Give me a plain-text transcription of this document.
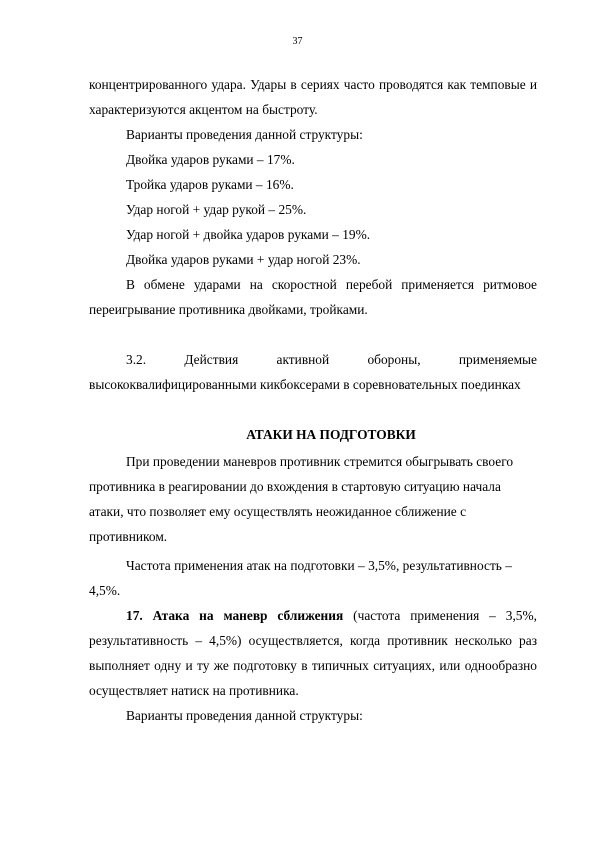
37

концентрированного удара. Удары в сериях часто проводятся как темповые и характеризуются акцентом на быстроту.

Варианты проведения данной структуры:

Двойка ударов руками – 17%.

Тройка ударов руками – 16%.

Удар ногой + удар рукой – 25%.

Удар ногой + двойка ударов руками – 19%.

Двойка ударов руками + удар ногой 23%.

В обмене ударами на скоростной перебой применяется ритмовое переигрывание противника двойками, тройками.

3.2. Действия активной обороны, применяемые высококвалифицированными кикбоксерами в соревновательных поединках

АТАКИ НА ПОДГОТОВКИ

При проведении маневров противник стремится обыгрывать своего противника в реагировании до вхождения в стартовую ситуацию начала атаки, что позволяет ему осуществлять неожиданное сближение с противником.

Частота применения атак на подготовки – 3,5%, результативность – 4,5%.

17. Атака на маневр сближения (частота применения – 3,5%, результативность – 4,5%) осуществляется, когда противник несколько раз выполняет одну и ту же подготовку в типичных ситуациях, или однообразно осуществляет натиск на противника.

Варианты проведения данной структуры:
